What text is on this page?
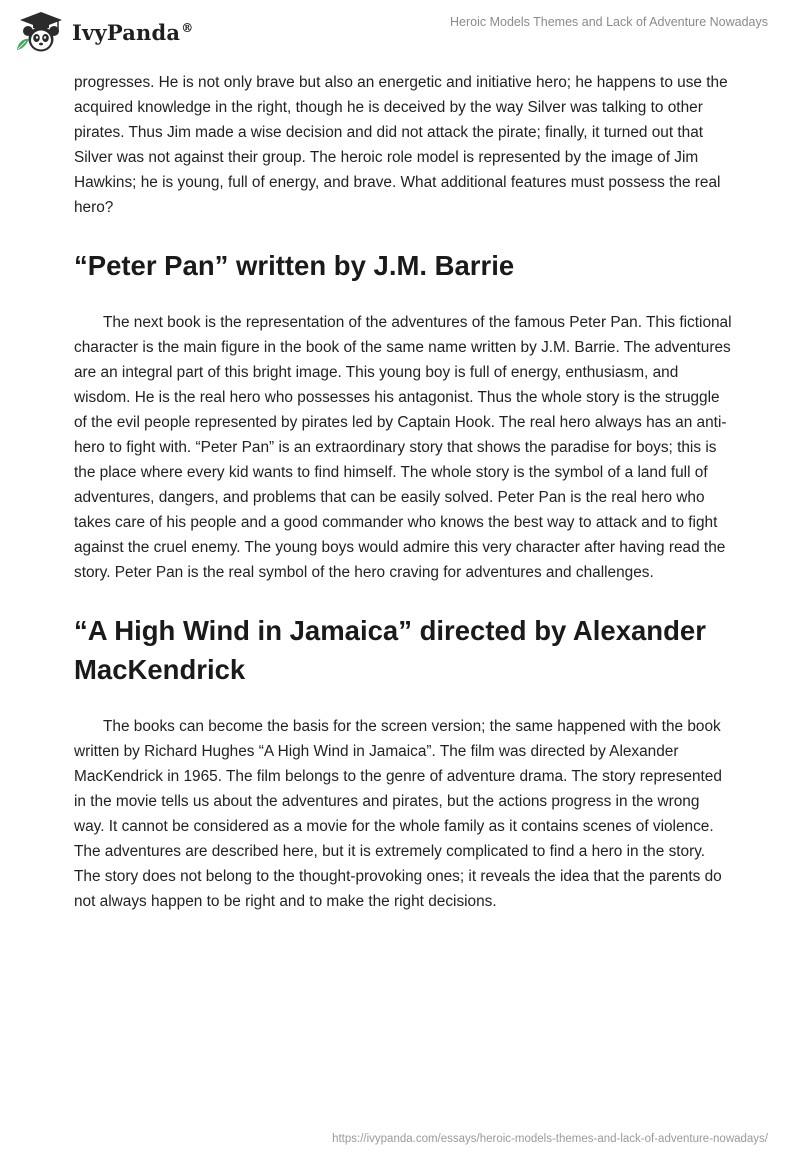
IvyPanda®	Heroic Models Themes and Lack of Adventure Nowadays

progresses. He is not only brave but also an energetic and initiative hero; he happens to use the acquired knowledge in the right, though he is deceived by the way Silver was talking to other pirates. Thus Jim made a wise decision and did not attack the pirate; finally, it turned out that Silver was not against their group. The heroic role model is represented by the image of Jim Hawkins; he is young, full of energy, and brave. What additional features must possess the real hero?

“Peter Pan” written by J.M. Barrie

The next book is the representation of the adventures of the famous Peter Pan. This fictional character is the main figure in the book of the same name written by J.M. Barrie. The adventures are an integral part of this bright image. This young boy is full of energy, enthusiasm, and wisdom. He is the real hero who possesses his antagonist. Thus the whole story is the struggle of the evil people represented by pirates led by Captain Hook. The real hero always has an anti-hero to fight with. “Peter Pan” is an extraordinary story that shows the paradise for boys; this is the place where every kid wants to find himself. The whole story is the symbol of a land full of adventures, dangers, and problems that can be easily solved. Peter Pan is the real hero who takes care of his people and a good commander who knows the best way to attack and to fight against the cruel enemy. The young boys would admire this very character after having read the story. Peter Pan is the real symbol of the hero craving for adventures and challenges.

“A High Wind in Jamaica” directed by Alexander MacKendrick

The books can become the basis for the screen version; the same happened with the book written by Richard Hughes “A High Wind in Jamaica”. The film was directed by Alexander MacKendrick in 1965. The film belongs to the genre of adventure drama. The story represented in the movie tells us about the adventures and pirates, but the actions progress in the wrong way. It cannot be considered as a movie for the whole family as it contains scenes of violence. The adventures are described here, but it is extremely complicated to find a hero in the story. The story does not belong to the thought-provoking ones; it reveals the idea that the parents do not always happen to be right and to make the right decisions.

https://ivypanda.com/essays/heroic-models-themes-and-lack-of-adventure-nowadays/
